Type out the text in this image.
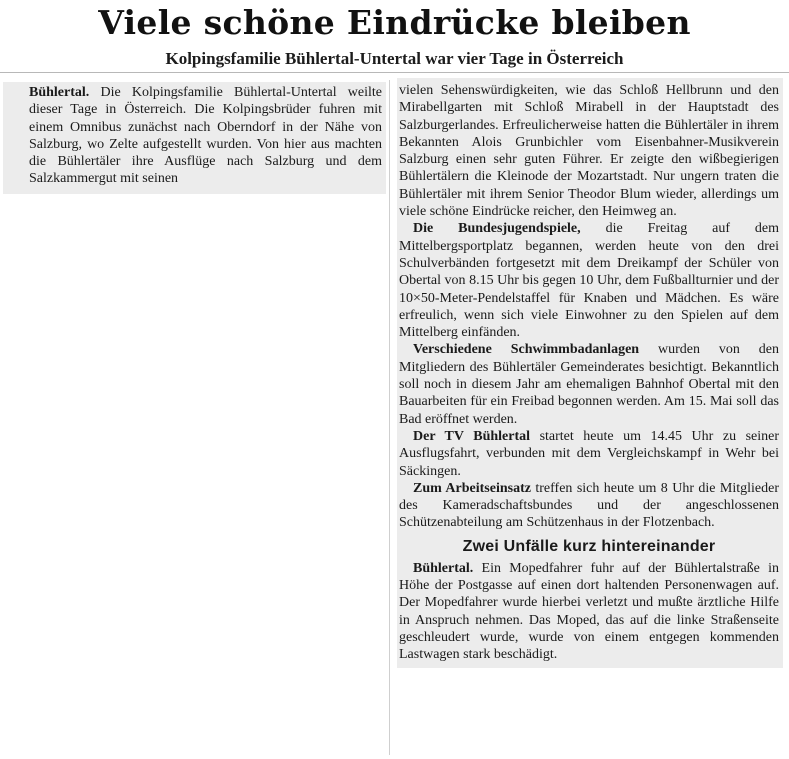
Viele schöne Eindrücke bleiben
Kolpingsfamilie Bühlertal-Untertal war vier Tage in Österreich

Bühlertal. Die Kolpingsfamilie Bühlertal-Untertal weilte dieser Tage in Österreich. Die Kolpingsbrüder fuhren mit einem Omnibus zunächst nach Oberndorf in der Nähe von Salzburg, wo Zelte aufgestellt wurden. Von hier aus machten die Bühlertäler ihre Ausflüge nach Salzburg und dem Salzkammergut mit seinen

vielen Sehenswürdigkeiten, wie das Schloß Hellbrunn und den Mirabellgarten mit Schloß Mirabell in der Hauptstadt des Salzburgerlandes. Erfreulicherweise hatten die Bühlertäler in ihrem Bekannten Alois Grunbichler vom Eisenbahner-Musikverein Salzburg einen sehr guten Führer. Er zeigte den wißbegierigen Bühlertälern die Kleinode der Mozartstadt. Nur ungern traten die Bühlertäler mit ihrem Senior Theodor Blum wieder, allerdings um viele schöne Eindrücke reicher, den Heimweg an.

Die Bundesjugendspiele, die Freitag auf dem Mittelbergsportplatz begannen, werden heute von den drei Schulverbänden fortgesetzt mit dem Dreikampf der Schüler von Obertal von 8.15 Uhr bis gegen 10 Uhr, dem Fußballturnier und der 10×50-Meter-Pendelstaffel für Knaben und Mädchen. Es wäre erfreulich, wenn sich viele Einwohner zu den Spielen auf dem Mittelberg einfänden.

Verschiedene Schwimmbadanlagen wurden von den Mitgliedern des Bühlertäler Gemeinderates besichtigt. Bekanntlich soll noch in diesem Jahr am ehemaligen Bahnhof Obertal mit den Bauarbeiten für ein Freibad begonnen werden. Am 15. Mai soll das Bad eröffnet werden.

Der TV Bühlertal startet heute um 14.45 Uhr zu seiner Ausflugsfahrt, verbunden mit dem Vergleichskampf in Wehr bei Säckingen.

Zum Arbeitseinsatz treffen sich heute um 8 Uhr die Mitglieder des Kameradschaftsbundes und der angeschlossenen Schützenabteilung am Schützenhaus in der Flotzenbach.

Zwei Unfälle kurz hintereinander

Bühlertal. Ein Mopedfahrer fuhr auf der Bühlertalstraße in Höhe der Postgasse auf einen dort haltenden Personenwagen auf. Der Mopedfahrer wurde hierbei verletzt und mußte ärztliche Hilfe in Anspruch nehmen. Das Moped, das auf die linke Straßenseite geschleudert wurde, wurde von einem entgegen kommenden Lastwagen stark beschädigt.
